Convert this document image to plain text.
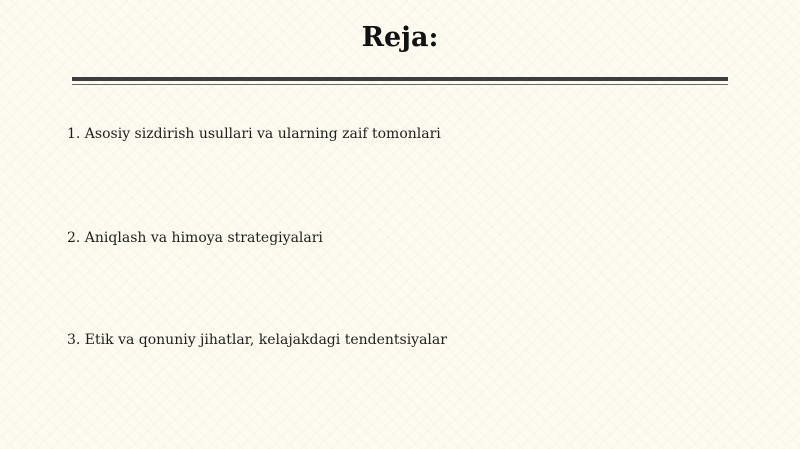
Reja:
1. Asosiy sizdirish usullari va ularning zaif tomonlari
2. Aniqlash va himoya strategiyalari
3. Etik va qonuniy jihatlar, kelajakdagi tendentsiyalar
